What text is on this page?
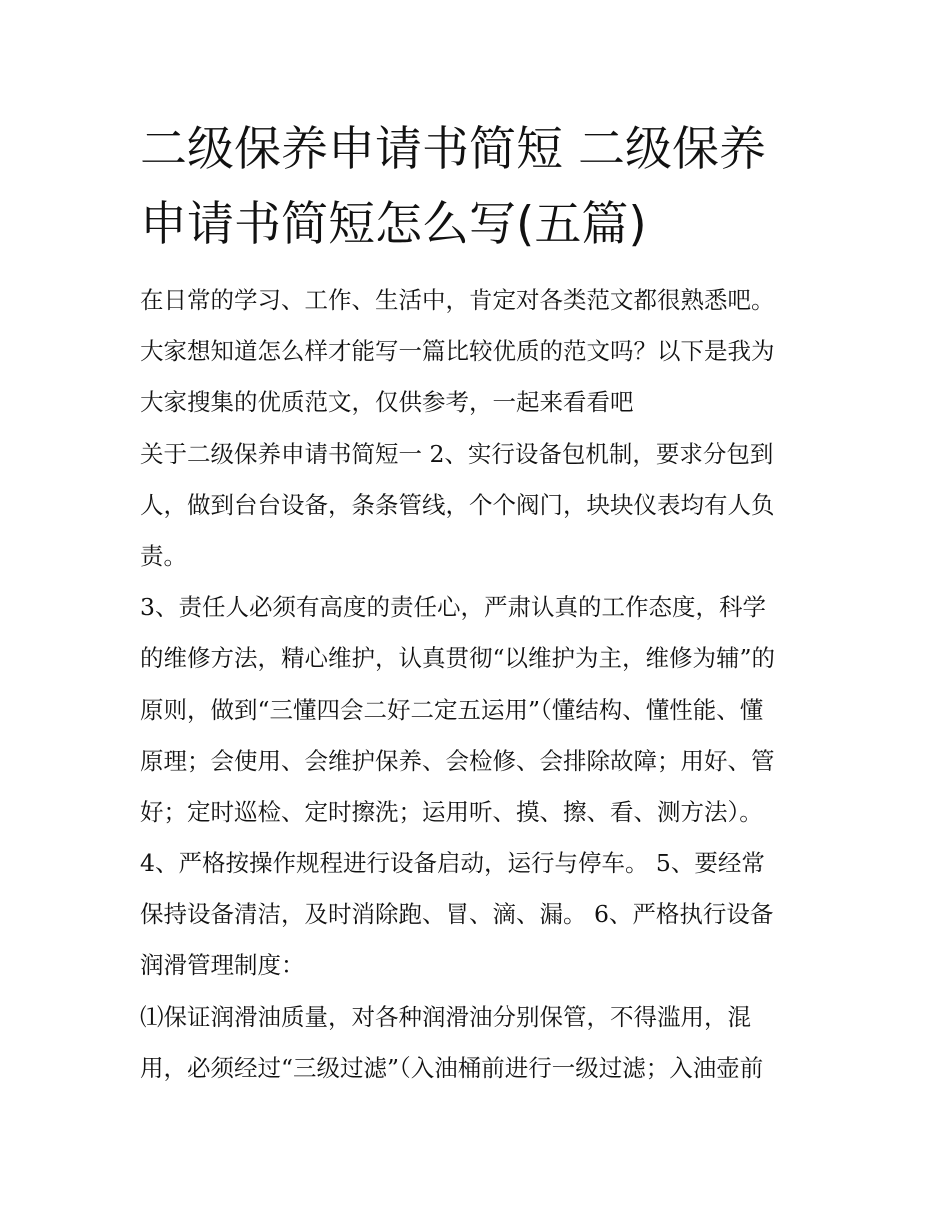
二级保养申请书简短 二级保养
申请书简短怎么写(五篇)
在日常的学习、工作、生活中，肯定对各类范文都很熟悉吧。
大家想知道怎么样才能写一篇比较优质的范文吗？以下是我为
大家搜集的优质范文，仅供参考，一起来看看吧
关于二级保养申请书简短一 2、实行设备包机制，要求分包到
人，做到台台设备，条条管线，个个阀门，块块仪表均有人负
责。
3、责任人必须有高度的责任心，严肃认真的工作态度，科学
的维修方法，精心维护，认真贯彻“以维护为主，维修为辅”的
原则，做到“三懂四会二好二定五运用”（懂结构、懂性能、懂
原理；会使用、会维护保养、会检修、会排除故障；用好、管
好；定时巡检、定时擦洗；运用听、摸、擦、看、测方法）。
4、严格按操作规程进行设备启动，运行与停车。 5、要经常
保持设备清洁，及时消除跑、冒、滴、漏。 6、严格执行设备
润滑管理制度：
⑴保证润滑油质量，对各种润滑油分别保管，不得滥用，混
用，必须经过“三级过滤”（入油桶前进行一级过滤；入油壶前
